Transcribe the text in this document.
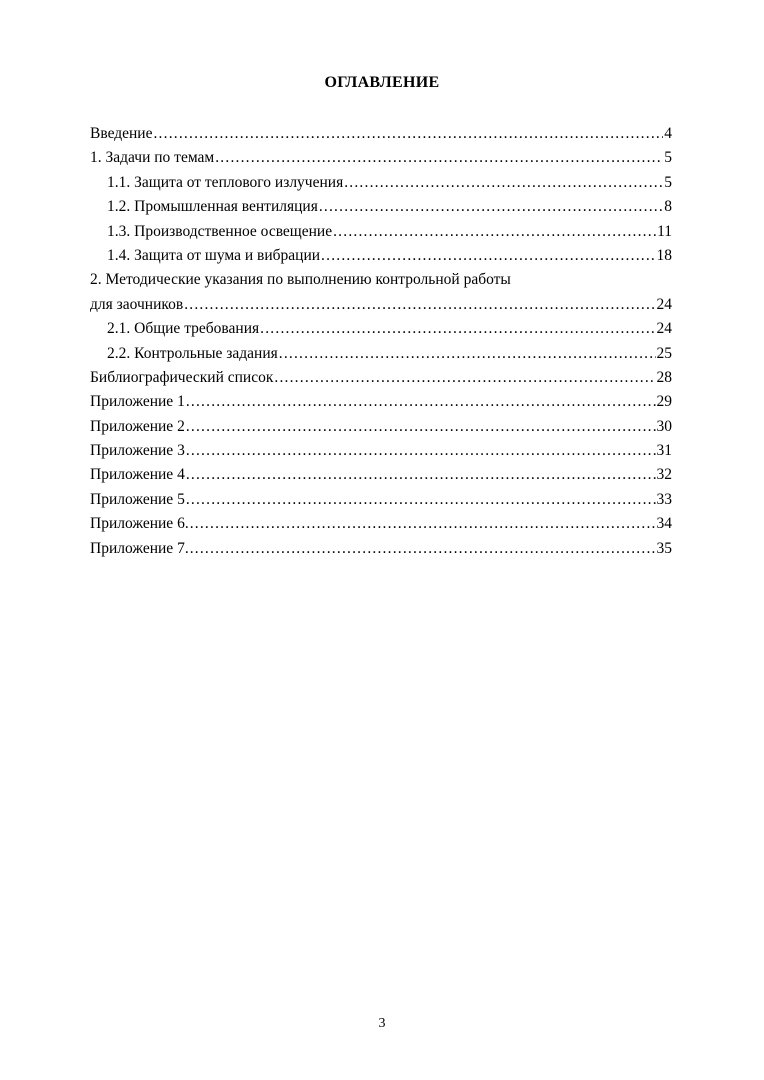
ОГЛАВЛЕНИЕ
Введение .....	4
1. Задачи по темам .....	5
1.1. Защита от теплового излучения .....	5
1.2. Промышленная вентиляция .....	8
1.3. Производственное освещение .....	11
1.4. Защита от шума и вибрации .....	18
2. Методические указания по выполнению контрольной работы
для заочников .....	24
2.1. Общие требования .....	24
2.2. Контрольные задания .....	25
Библиографический список .....	28
Приложение 1 .....	29
Приложение 2 .....	30
Приложение 3 .....	31
Приложение 4 .....	32
Приложение 5 .....	33
Приложение 6. .....	34
Приложение 7. .....	35
3
